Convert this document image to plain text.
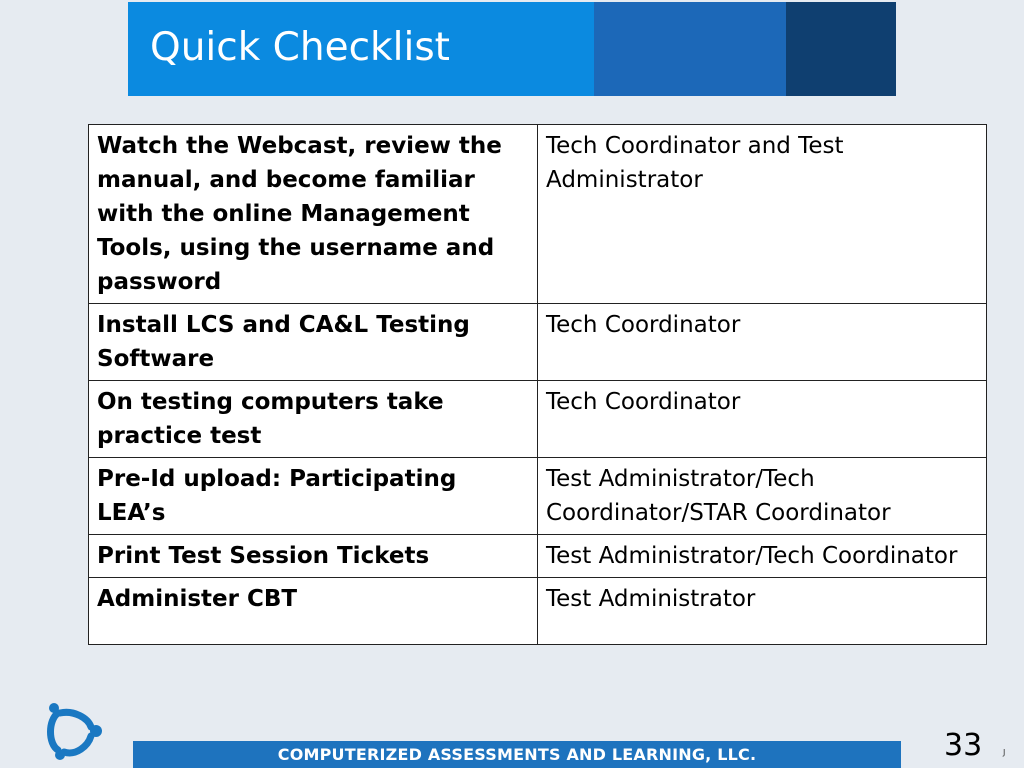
Quick Checklist
Watch the Webcast, review the manual, and become familiar with the online Management Tools, using the username and password	Tech Coordinator and Test Administrator
Install LCS and CA&L Testing Software	Tech Coordinator
On testing computers take practice test	Tech Coordinator
Pre-Id upload: Participating LEA’s	Test Administrator/Tech Coordinator/STAR Coordinator
Print Test Session Tickets	Test Administrator/Tech Coordinator
Administer CBT	Test Administrator
COMPUTERIZED ASSESSMENTS AND LEARNING, LLC.	33	J
